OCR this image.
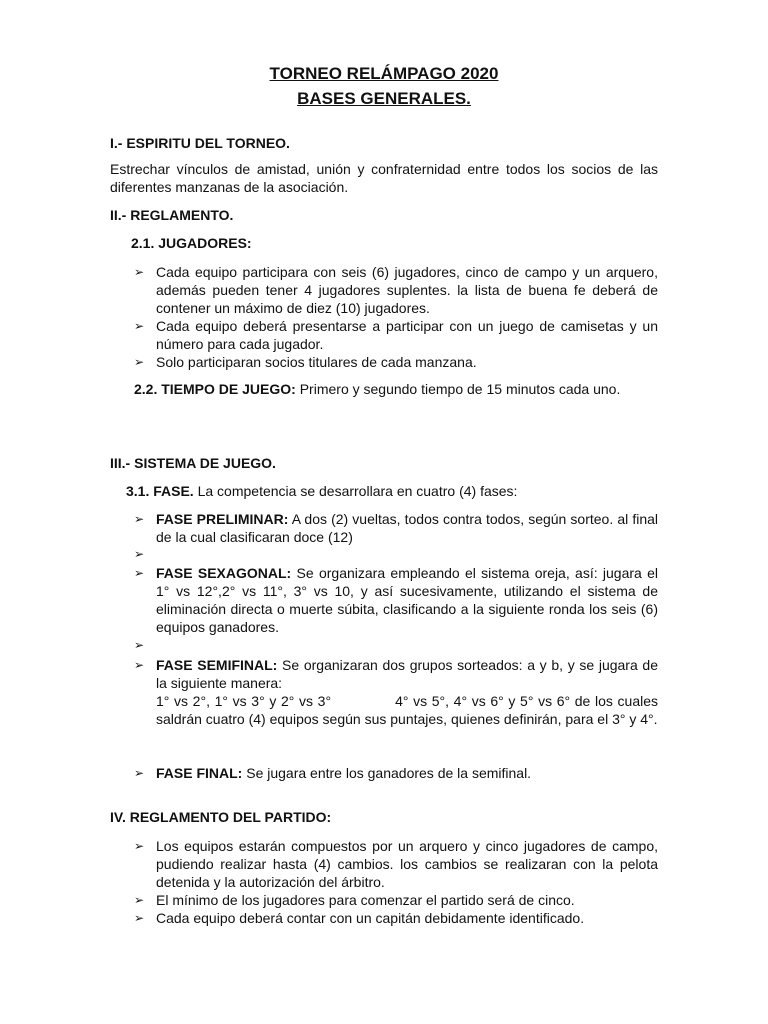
TORNEO RELÁMPAGO 2020
BASES GENERALES.
I.- ESPIRITU DEL TORNEO.
Estrechar vínculos de amistad, unión y confraternidad entre todos los socios de las diferentes manzanas de la asociación.
II.- REGLAMENTO.
2.1. JUGADORES:
➢ Cada equipo participara con seis (6) jugadores, cinco de campo y un arquero, además pueden tener 4 jugadores suplentes. la lista de buena fe deberá de contener un máximo de diez (10) jugadores.
➢ Cada equipo deberá presentarse a participar con un juego de camisetas y un número para cada jugador.
➢ Solo participaran socios titulares de cada manzana.
2.2. TIEMPO DE JUEGO: Primero y segundo tiempo de 15 minutos cada uno.
III.- SISTEMA DE JUEGO.
3.1. FASE. La competencia se desarrollara en cuatro (4) fases:
➢ FASE PRELIMINAR: A dos (2) vueltas, todos contra todos, según sorteo. al final de la cual clasificaran doce (12)
➢
➢ FASE SEXAGONAL: Se organizara empleando el sistema oreja, así: jugara el 1° vs 12°,2° vs 11°, 3° vs 10, y así sucesivamente, utilizando el sistema de eliminación directa o muerte súbita, clasificando a la siguiente ronda los seis (6) equipos ganadores.
➢
➢ FASE SEMIFINAL: Se organizaran dos grupos sorteados: a y b, y se jugara de la siguiente manera:
1° vs 2°, 1° vs 3° y 2° vs 3°	4° vs 5°, 4° vs 6° y 5° vs 6° de los cuales saldrán cuatro (4) equipos según sus puntajes, quienes definirán, para el 3° y 4°.
➢ FASE FINAL: Se jugara entre los ganadores de la semifinal.
IV. REGLAMENTO DEL PARTIDO:
➢ Los equipos estarán compuestos por un arquero y cinco jugadores de campo, pudiendo realizar hasta (4) cambios. los cambios se realizaran con la pelota detenida y la autorización del árbitro.
➢ El mínimo de los jugadores para comenzar el partido será de cinco.
➢ Cada equipo deberá contar con un capitán debidamente identificado.
